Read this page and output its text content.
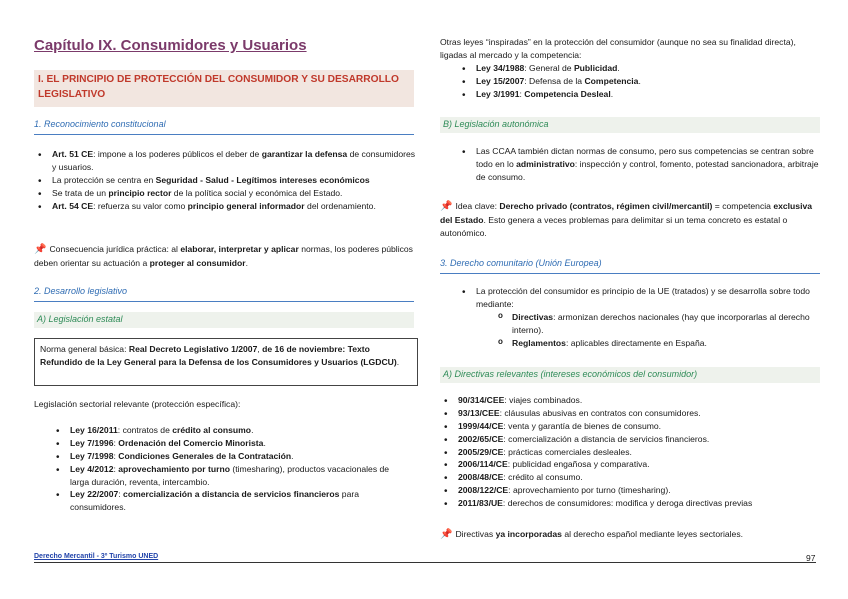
Capítulo IX. Consumidores y Usuarios
I. EL PRINCIPIO DE PROTECCIÓN DEL CONSUMIDOR Y SU DESARROLLO LEGISLATIVO
1. Reconocimiento constitucional
• Art. 51 CE: impone a los poderes públicos el deber de garantizar la defensa de consumidores y usuarios.
• La protección se centra en Seguridad - Salud - Legítimos intereses económicos
• Se trata de un principio rector de la política social y económica del Estado.
• Art. 54 CE: refuerza su valor como principio general informador del ordenamiento.
📌 Consecuencia jurídica práctica: al elaborar, interpretar y aplicar normas, los poderes públicos deben orientar su actuación a proteger al consumidor.
2. Desarrollo legislativo
A) Legislación estatal
Norma general básica: Real Decreto Legislativo 1/2007, de 16 de noviembre: Texto Refundido de la Ley General para la Defensa de los Consumidores y Usuarios (LGDCU).
Legislación sectorial relevante (protección específica):
• Ley 16/2011: contratos de crédito al consumo.
• Ley 7/1996: Ordenación del Comercio Minorista.
• Ley 7/1998: Condiciones Generales de la Contratación.
• Ley 4/2012: aprovechamiento por turno (timesharing), productos vacacionales de larga duración, reventa, intercambio.
• Ley 22/2007: comercialización a distancia de servicios financieros para consumidores.
Otras leyes “inspiradas” en la protección del consumidor (aunque no sea su finalidad directa), ligadas al mercado y la competencia:
• Ley 34/1988: General de Publicidad.
• Ley 15/2007: Defensa de la Competencia.
• Ley 3/1991: Competencia Desleal.
B) Legislación autonómica
• Las CCAA también dictan normas de consumo, pero sus competencias se centran sobre todo en lo administrativo: inspección y control, fomento, potestad sancionadora, arbitraje de consumo.
📌 Idea clave: Derecho privado (contratos, régimen civil/mercantil) = competencia exclusiva del Estado. Esto genera a veces problemas para delimitar si un tema concreto es estatal o autonómico.
3. Derecho comunitario (Unión Europea)
• La protección del consumidor es principio de la UE (tratados) y se desarrolla sobre todo mediante:
o Directivas: armonizan derechos nacionales (hay que incorporarlas al derecho interno).
o Reglamentos: aplicables directamente en España.
A) Directivas relevantes (intereses económicos del consumidor)
• 90/314/CEE: viajes combinados.
• 93/13/CEE: cláusulas abusivas en contratos con consumidores.
• 1999/44/CE: venta y garantía de bienes de consumo.
• 2002/65/CE: comercialización a distancia de servicios financieros.
• 2005/29/CE: prácticas comerciales desleales.
• 2006/114/CE: publicidad engañosa y comparativa.
• 2008/48/CE: crédito al consumo.
• 2008/122/CE: aprovechamiento por turno (timesharing).
• 2011/83/UE: derechos de consumidores: modifica y deroga directivas previas
📌 Directivas ya incorporadas al derecho español mediante leyes sectoriales.
Derecho Mercantil - 3º Turismo UNED	97
